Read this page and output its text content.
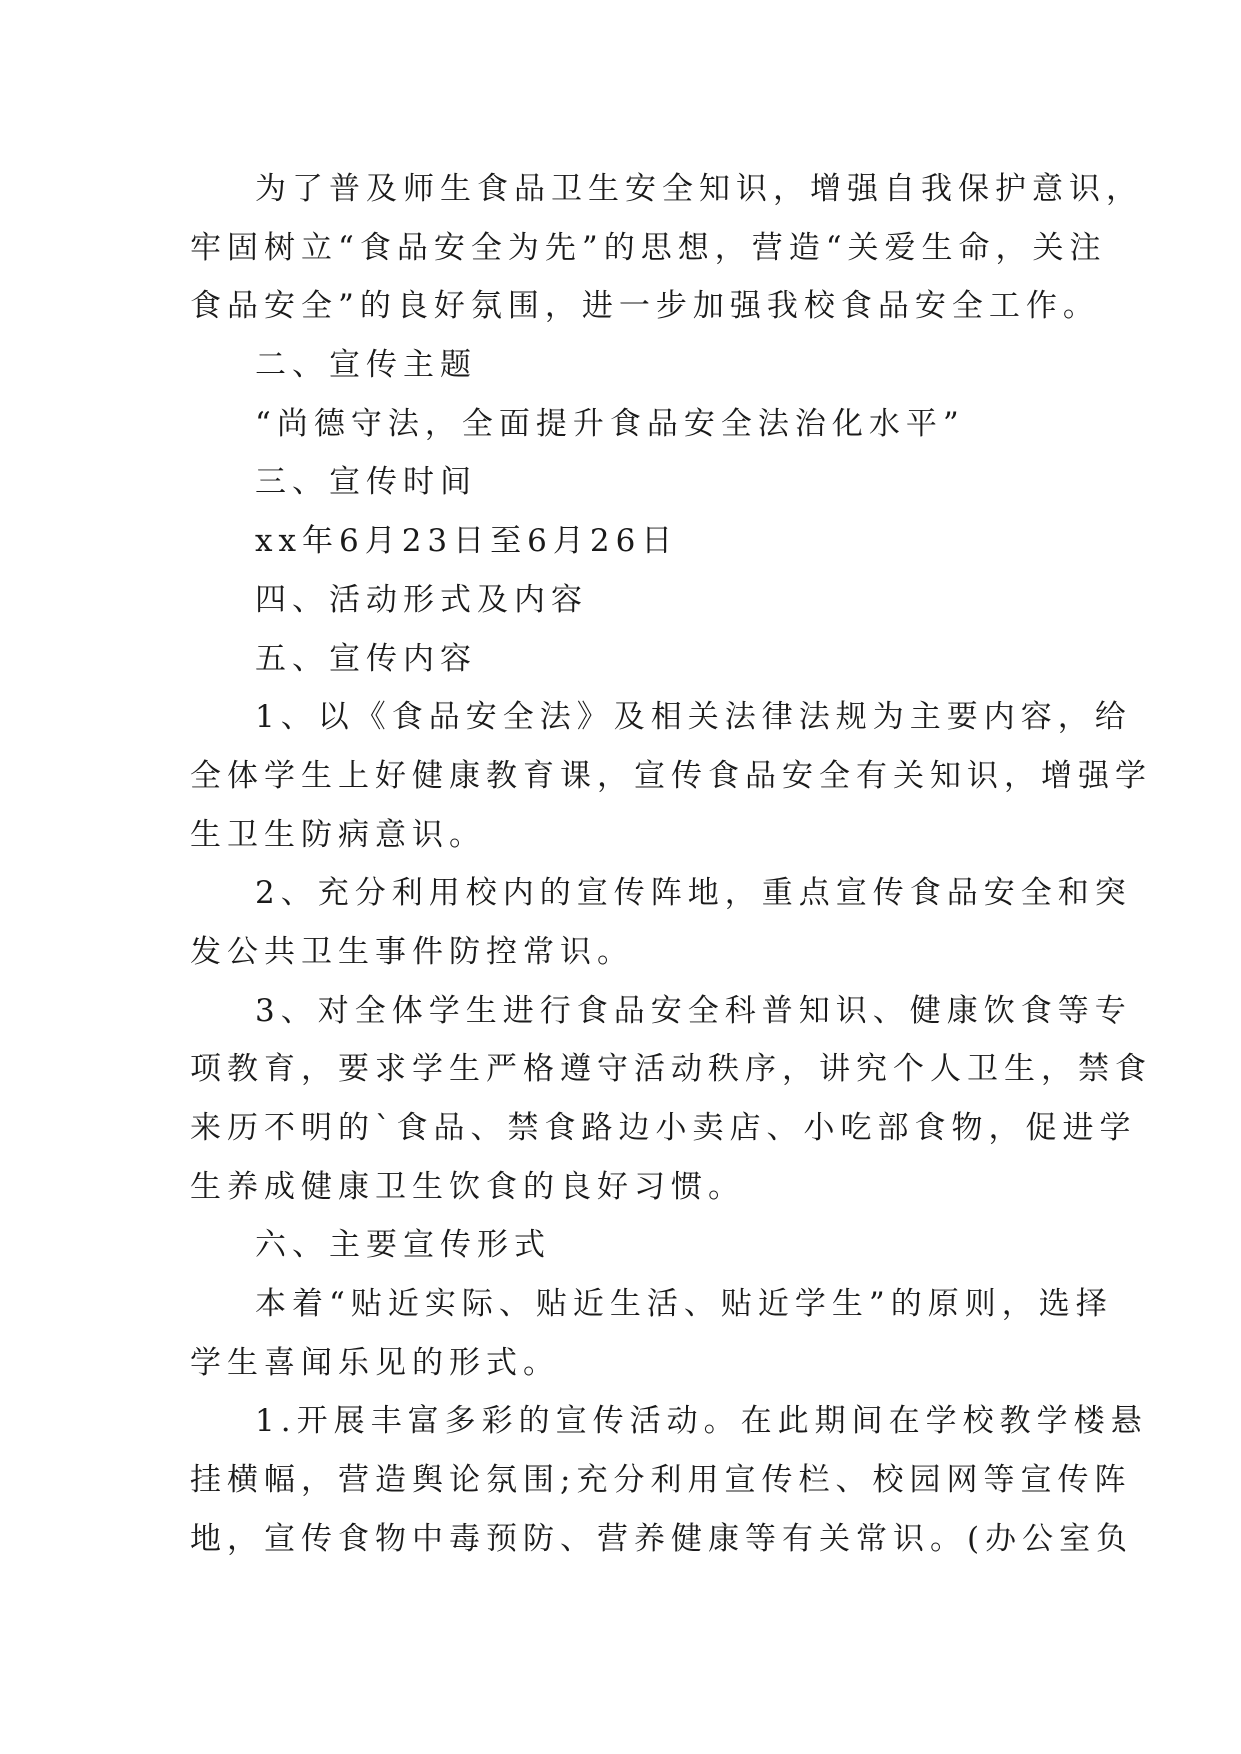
为了普及师生食品卫生安全知识，增强自我保护意识，
牢固树立“食品安全为先”的思想，营造“关爱生命，关注
食品安全”的良好氛围，进一步加强我校食品安全工作。
二、宣传主题
“尚德守法，全面提升食品安全法治化水平”
三、宣传时间
xx年6月23日至6月26日
四、活动形式及内容
五、宣传内容
1、以《食品安全法》及相关法律法规为主要内容，给
全体学生上好健康教育课，宣传食品安全有关知识，增强学
生卫生防病意识。
2、充分利用校内的宣传阵地，重点宣传食品安全和突
发公共卫生事件防控常识。
3、对全体学生进行食品安全科普知识、健康饮食等专
项教育，要求学生严格遵守活动秩序，讲究个人卫生，禁食
来历不明的`食品、禁食路边小卖店、小吃部食物，促进学
生养成健康卫生饮食的良好习惯。
六、主要宣传形式
本着“贴近实际、贴近生活、贴近学生”的原则，选择
学生喜闻乐见的形式。
1.开展丰富多彩的宣传活动。在此期间在学校教学楼悬
挂横幅，营造舆论氛围;充分利用宣传栏、校园网等宣传阵
地，宣传食物中毒预防、营养健康等有关常识。(办公室负
